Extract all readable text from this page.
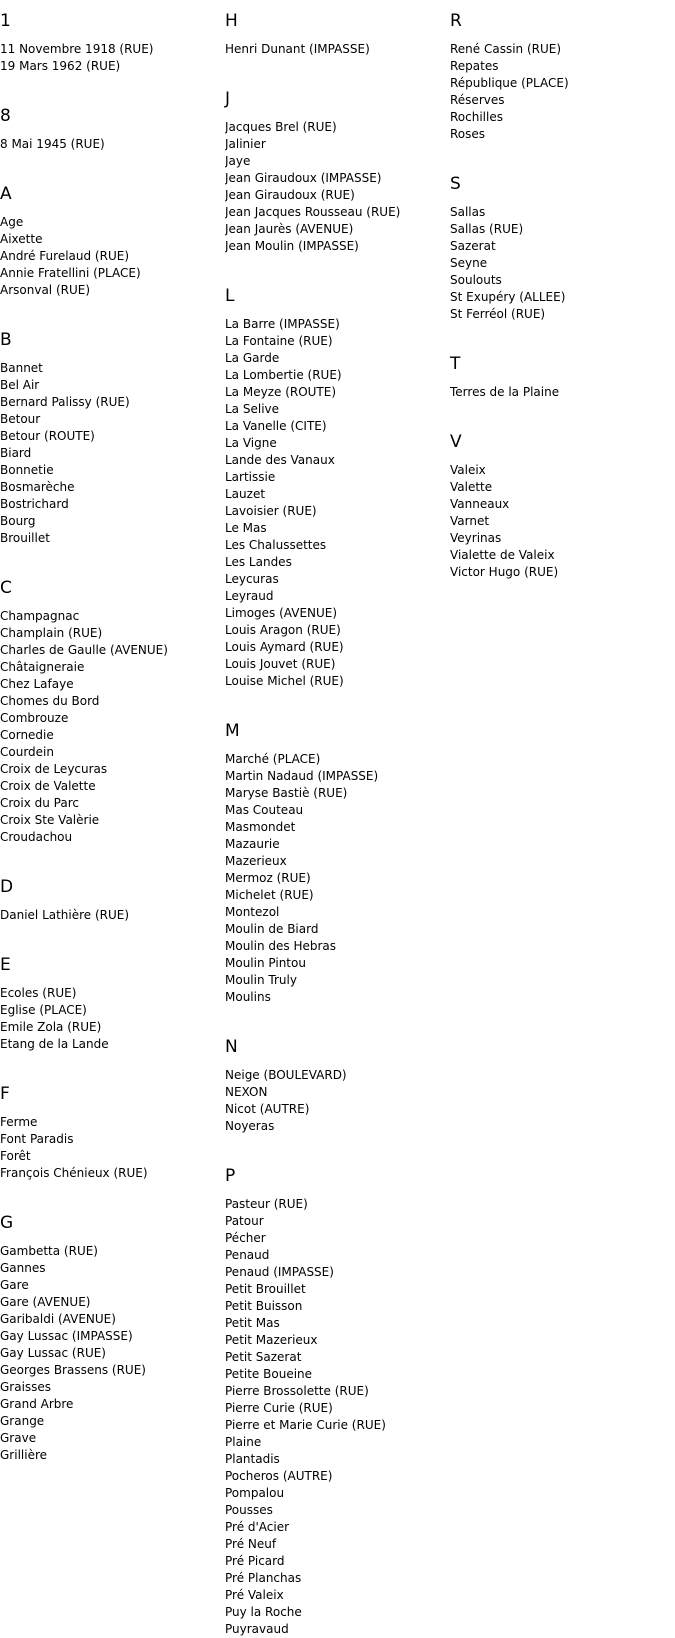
1
11 Novembre 1918 (RUE)
19 Mars 1962 (RUE)
8
8 Mai 1945 (RUE)
A
Age
Aixette
André Furelaud (RUE)
Annie Fratellini (PLACE)
Arsonval (RUE)
B
Bannet
Bel Air
Bernard Palissy (RUE)
Betour
Betour (ROUTE)
Biard
Bonnetie
Bosmarèche
Bostrichard
Bourg
Brouillet
C
Champagnac
Champlain (RUE)
Charles de Gaulle (AVENUE)
Châtaigneraie
Chez Lafaye
Chomes du Bord
Combrouze
Cornedie
Courdein
Croix de Leycuras
Croix de Valette
Croix du Parc
Croix Ste Valèrie
Croudachou
D
Daniel Lathière (RUE)
E
Ecoles (RUE)
Eglise (PLACE)
Emile Zola (RUE)
Etang de la Lande
F
Ferme
Font Paradis
Forêt
François Chénieux (RUE)
G
Gambetta (RUE)
Gannes
Gare
Gare (AVENUE)
Garibaldi (AVENUE)
Gay Lussac (IMPASSE)
Gay Lussac (RUE)
Georges Brassens (RUE)
Graisses
Grand Arbre
Grange
Grave
Grillière
H
Henri Dunant (IMPASSE)
J
Jacques Brel (RUE)
Jalinier
Jaye
Jean Giraudoux (IMPASSE)
Jean Giraudoux (RUE)
Jean Jacques Rousseau (RUE)
Jean Jaurès (AVENUE)
Jean Moulin (IMPASSE)
L
La Barre (IMPASSE)
La Fontaine (RUE)
La Garde
La Lombertie (RUE)
La Meyze (ROUTE)
La Selive
La Vanelle (CITE)
La Vigne
Lande des Vanaux
Lartissie
Lauzet
Lavoisier (RUE)
Le Mas
Les Chalussettes
Les Landes
Leycuras
Leyraud
Limoges (AVENUE)
Louis Aragon (RUE)
Louis Aymard (RUE)
Louis Jouvet (RUE)
Louise Michel (RUE)
M
Marché (PLACE)
Martin Nadaud (IMPASSE)
Maryse Bastiè (RUE)
Mas Couteau
Masmondet
Mazaurie
Mazerieux
Mermoz (RUE)
Michelet (RUE)
Montezol
Moulin de Biard
Moulin des Hebras
Moulin Pintou
Moulin Truly
Moulins
N
Neige (BOULEVARD)
NEXON
Nicot (AUTRE)
Noyeras
P
Pasteur (RUE)
Patour
Pécher
Penaud
Penaud (IMPASSE)
Petit Brouillet
Petit Buisson
Petit Mas
Petit Mazerieux
Petit Sazerat
Petite Boueine
Pierre Brossolette (RUE)
Pierre Curie (RUE)
Pierre et Marie Curie (RUE)
Plaine
Plantadis
Pocheros (AUTRE)
Pompalou
Pousses
Pré d'Acier
Pré Neuf
Pré Picard
Pré Planchas
Pré Valeix
Puy la Roche
Puyravaud
R
René Cassin (RUE)
Repates
République (PLACE)
Réserves
Rochilles
Roses
S
Sallas
Sallas (RUE)
Sazerat
Seyne
Soulouts
St Exupéry (ALLEE)
St Ferréol (RUE)
T
Terres de la Plaine
V
Valeix
Valette
Vanneaux
Varnet
Veyrinas
Vialette de Valeix
Victor Hugo (RUE)
